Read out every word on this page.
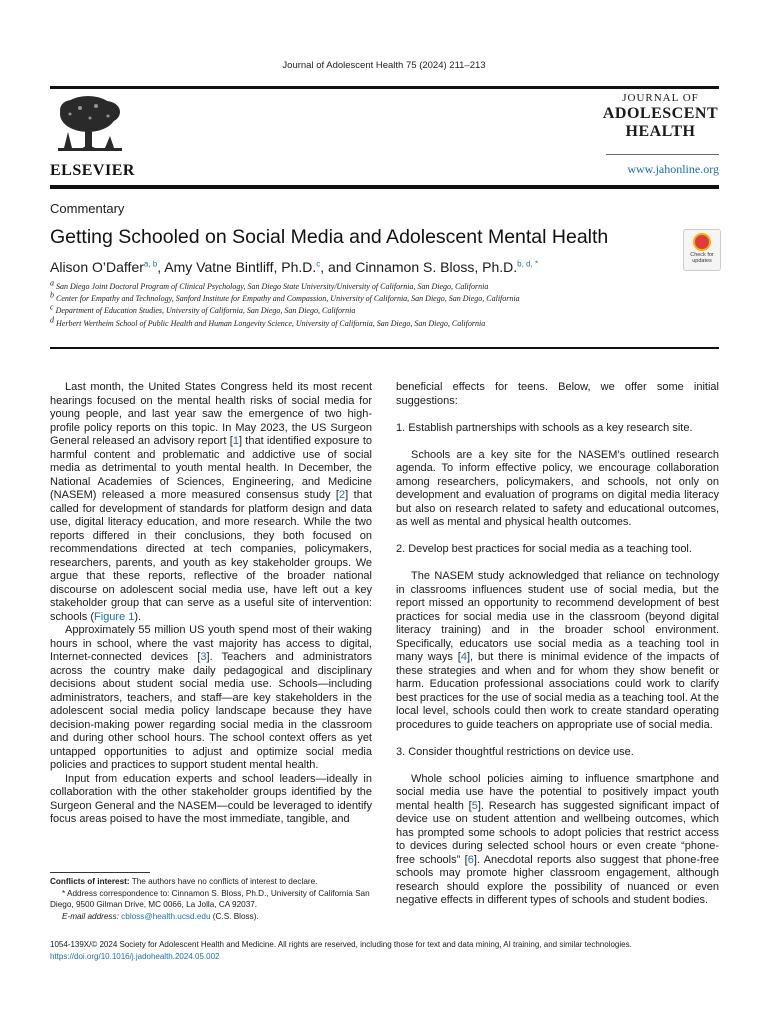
Journal of Adolescent Health 75 (2024) 211–213
ELSEVIER
JOURNAL OF
ADOLESCENT
HEALTH
www.jahonline.org
Commentary
Getting Schooled on Social Media and Adolescent Mental Health
Check for updates
Alison O’Daffer$^{a, b}$, Amy Vatne Bintliff, Ph.D.$^c$, and Cinnamon S. Bloss, Ph.D.$^{b, d, *}$
$^a$ San Diego Joint Doctoral Program of Clinical Psychology, San Diego State University/University of California, San Diego, California
$^b$ Center for Empathy and Technology, Sanford Institute for Empathy and Compassion, University of California, San Diego, San Diego, California
$^c$ Department of Education Studies, University of California, San Diego, San Diego, California
$^d$ Herbert Wertheim School of Public Health and Human Longevity Science, University of California, San Diego, San Diego, California

Last month, the United States Congress held its most recent hearings focused on the mental health risks of social media for young people, and last year saw the emergence of two high-profile policy reports on this topic. In May 2023, the US Surgeon General released an advisory report [1] that identified exposure to harmful content and problematic and addictive use of social media as detrimental to youth mental health. In December, the National Academies of Sciences, Engineering, and Medicine (NASEM) released a more measured consensus study [2] that called for development of standards for platform design and data use, digital literacy education, and more research. While the two reports differed in their conclusions, they both focused on recommendations directed at tech companies, policymakers, researchers, parents, and youth as key stakeholder groups. We argue that these reports, reflective of the broader national discourse on adolescent social media use, have left out a key stakeholder group that can serve as a useful site of intervention: schools (Figure 1).

Approximately 55 million US youth spend most of their waking hours in school, where the vast majority has access to digital, Internet-connected devices [3]. Teachers and administrators across the country make daily pedagogical and disciplinary decisions about student social media use. Schools—including administrators, teachers, and staff—are key stakeholders in the adolescent social media policy landscape because they have decision-making power regarding social media in the classroom and during other school hours. The school context offers as yet untapped opportunities to adjust and optimize social media policies and practices to support student mental health.

Input from education experts and school leaders—ideally in collaboration with the other stakeholder groups identified by the Surgeon General and the NASEM—could be leveraged to identify focus areas poised to have the most immediate, tangible, and

beneficial effects for teens. Below, we offer some initial suggestions:

1. Establish partnerships with schools as a key research site.

Schools are a key site for the NASEM’s outlined research agenda. To inform effective policy, we encourage collaboration among researchers, policymakers, and schools, not only on development and evaluation of programs on digital media literacy but also on research related to safety and educational outcomes, as well as mental and physical health outcomes.

2. Develop best practices for social media as a teaching tool.

The NASEM study acknowledged that reliance on technology in classrooms influences student use of social media, but the report missed an opportunity to recommend development of best practices for social media use in the classroom (beyond digital literacy training) and in the broader school environment. Specifically, educators use social media as a teaching tool in many ways [4], but there is minimal evidence of the impacts of these strategies and when and for whom they show benefit or harm. Education professional associations could work to clarify best practices for the use of social media as a teaching tool. At the local level, schools could then work to create standard operating procedures to guide teachers on appropriate use of social media.

3. Consider thoughtful restrictions on device use.

Whole school policies aiming to influence smartphone and social media use have the potential to positively impact youth mental health [5]. Research has suggested significant impact of device use on student attention and wellbeing outcomes, which has prompted some schools to adopt policies that restrict access to devices during selected school hours or even create “phone-free schools” [6]. Anecdotal reports also suggest that phone-free schools may promote higher classroom engagement, although research should explore the possibility of nuanced or even negative effects in different types of schools and student bodies.

Conflicts of interest: The authors have no conflicts of interest to declare.

* Address correspondence to: Cinnamon S. Bloss, Ph.D., University of California San Diego, 9500 Gilman Drive, MC 0066, La Jolla, CA 92037.

E-mail address: cbloss@health.ucsd.edu (C.S. Bloss).

1054-139X/© 2024 Society for Adolescent Health and Medicine. All rights are reserved, including those for text and data mining, AI training, and similar technologies.
https://doi.org/10.1016/j.jadohealth.2024.05.002
